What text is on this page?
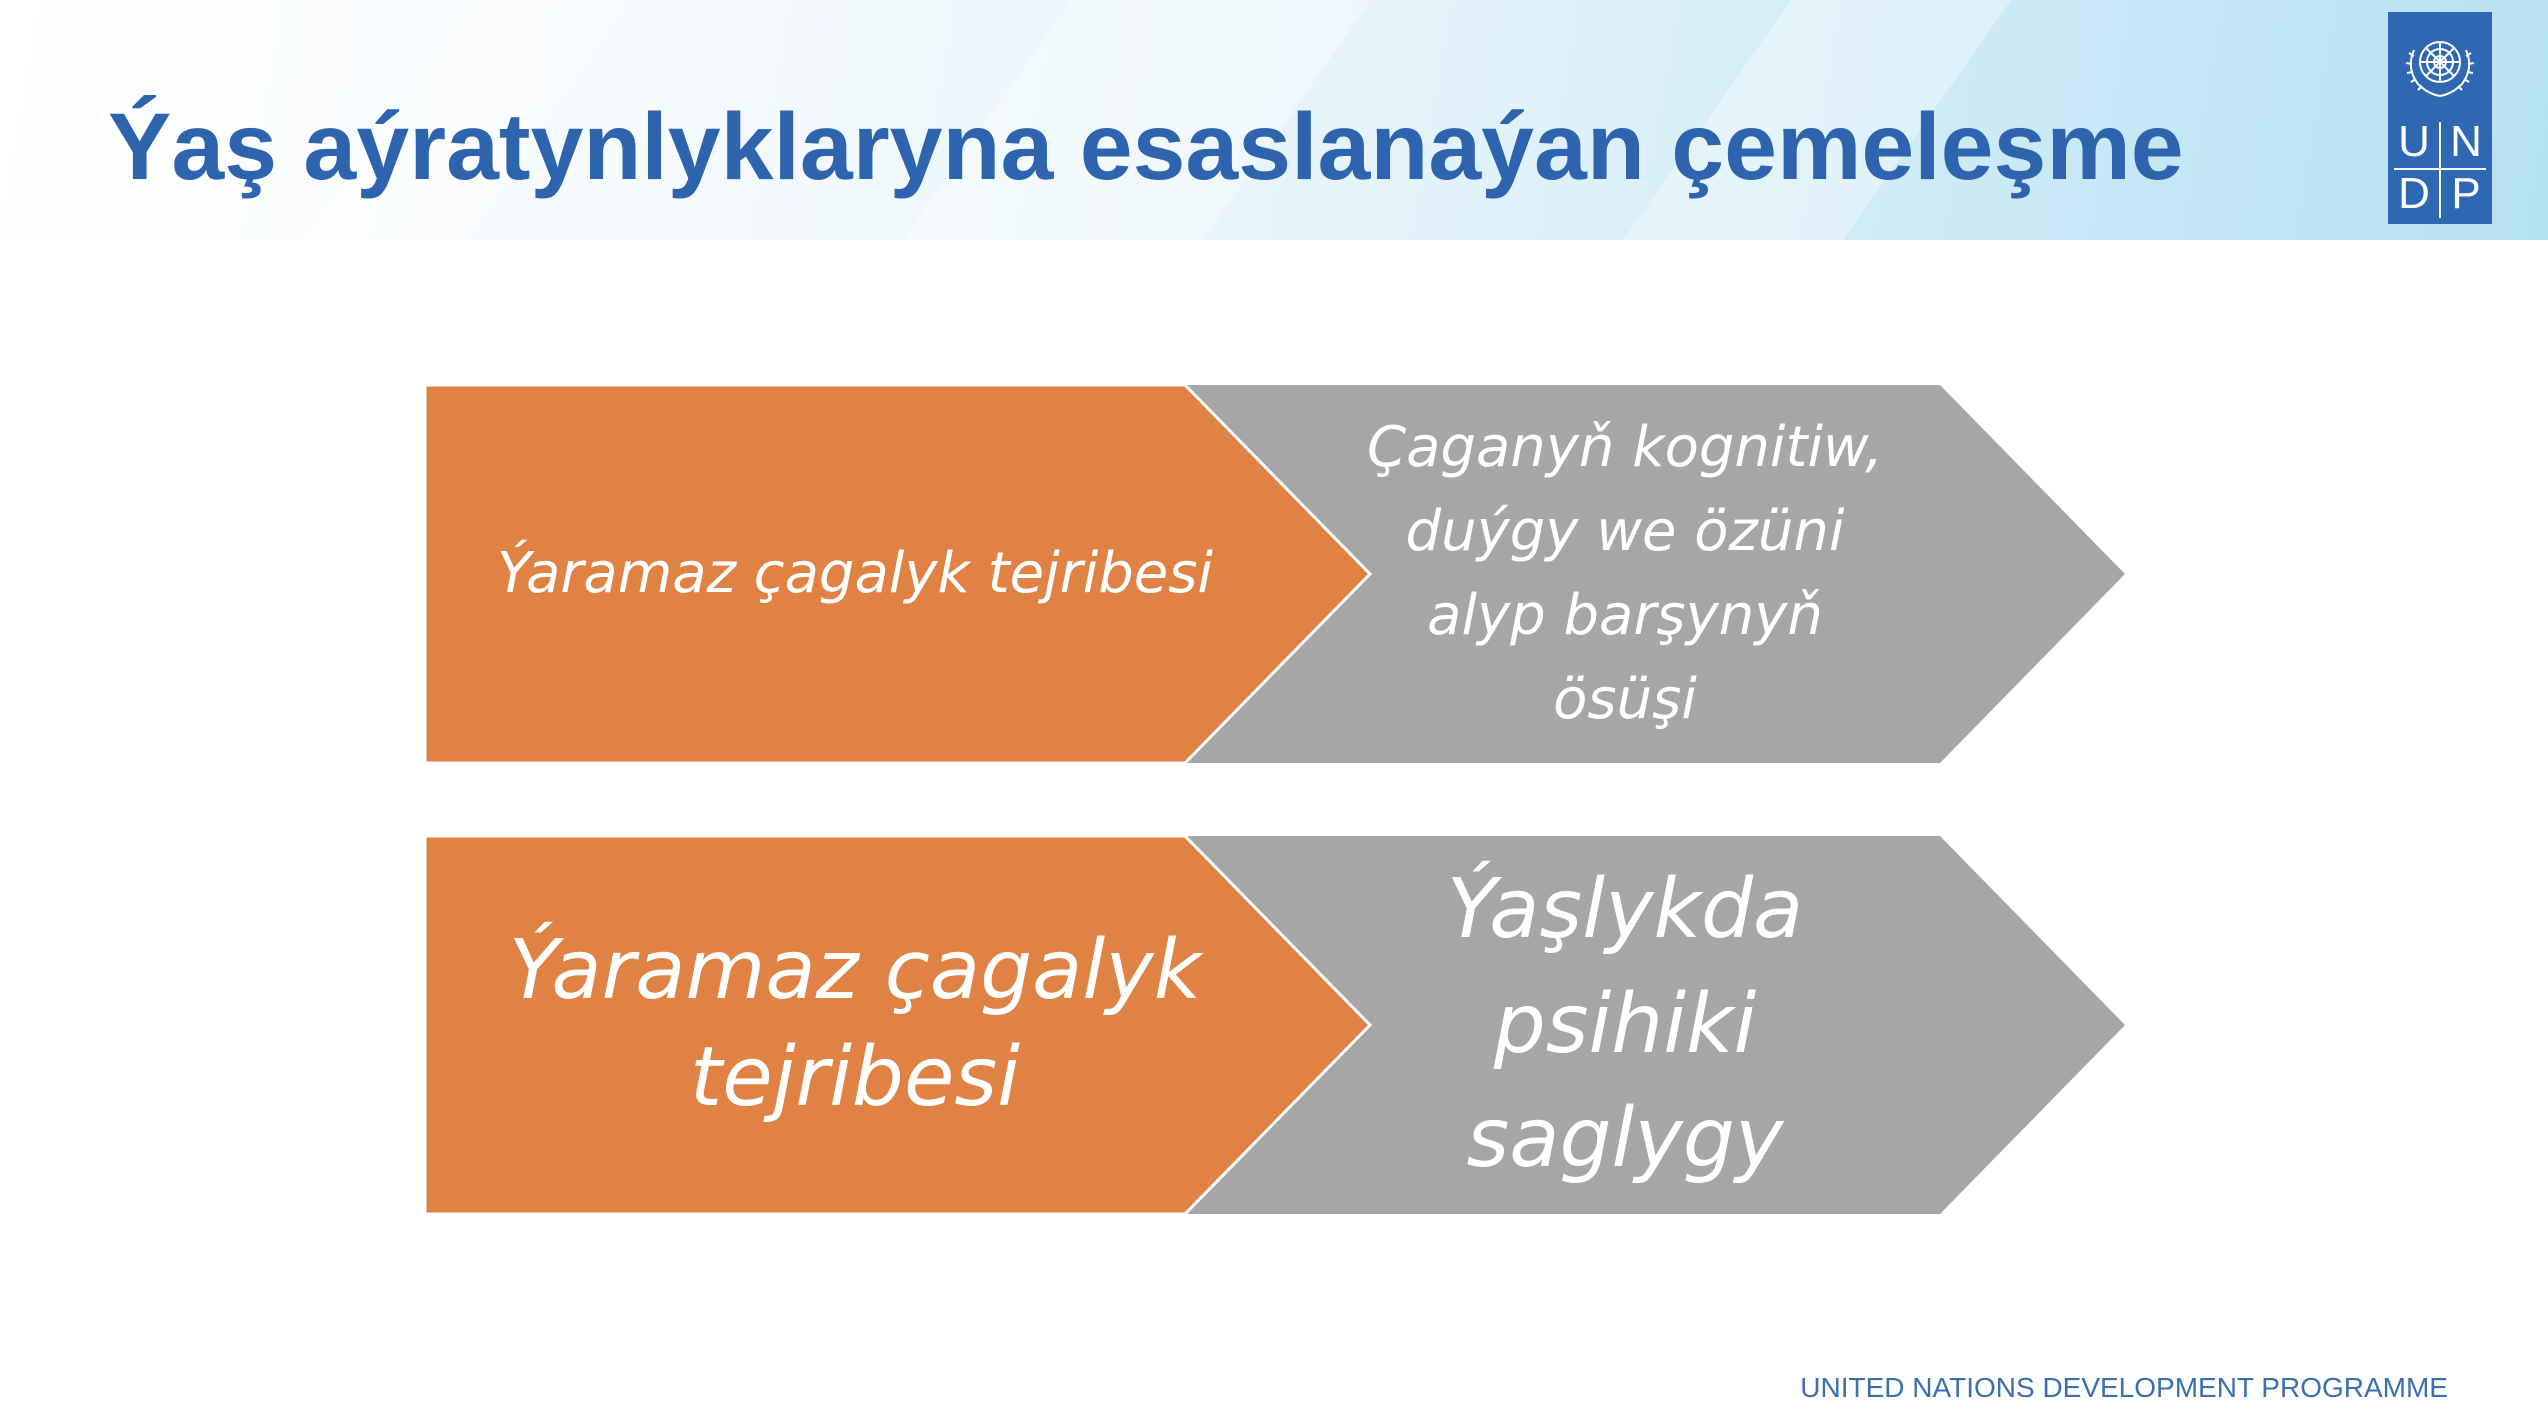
Ýaş aýratynlyklaryna esaslanaýan çemeleşme	U N
D P
Ýaramaz çagalyk tejribesi
Çaganyň kognitiw, duýgy we özüni alyp barşynyň ösüşi
Ýaramaz çagalyk tejribesi
Ýaşlykda psihiki saglygy

UNITED NATIONS DEVELOPMENT PROGRAMME
